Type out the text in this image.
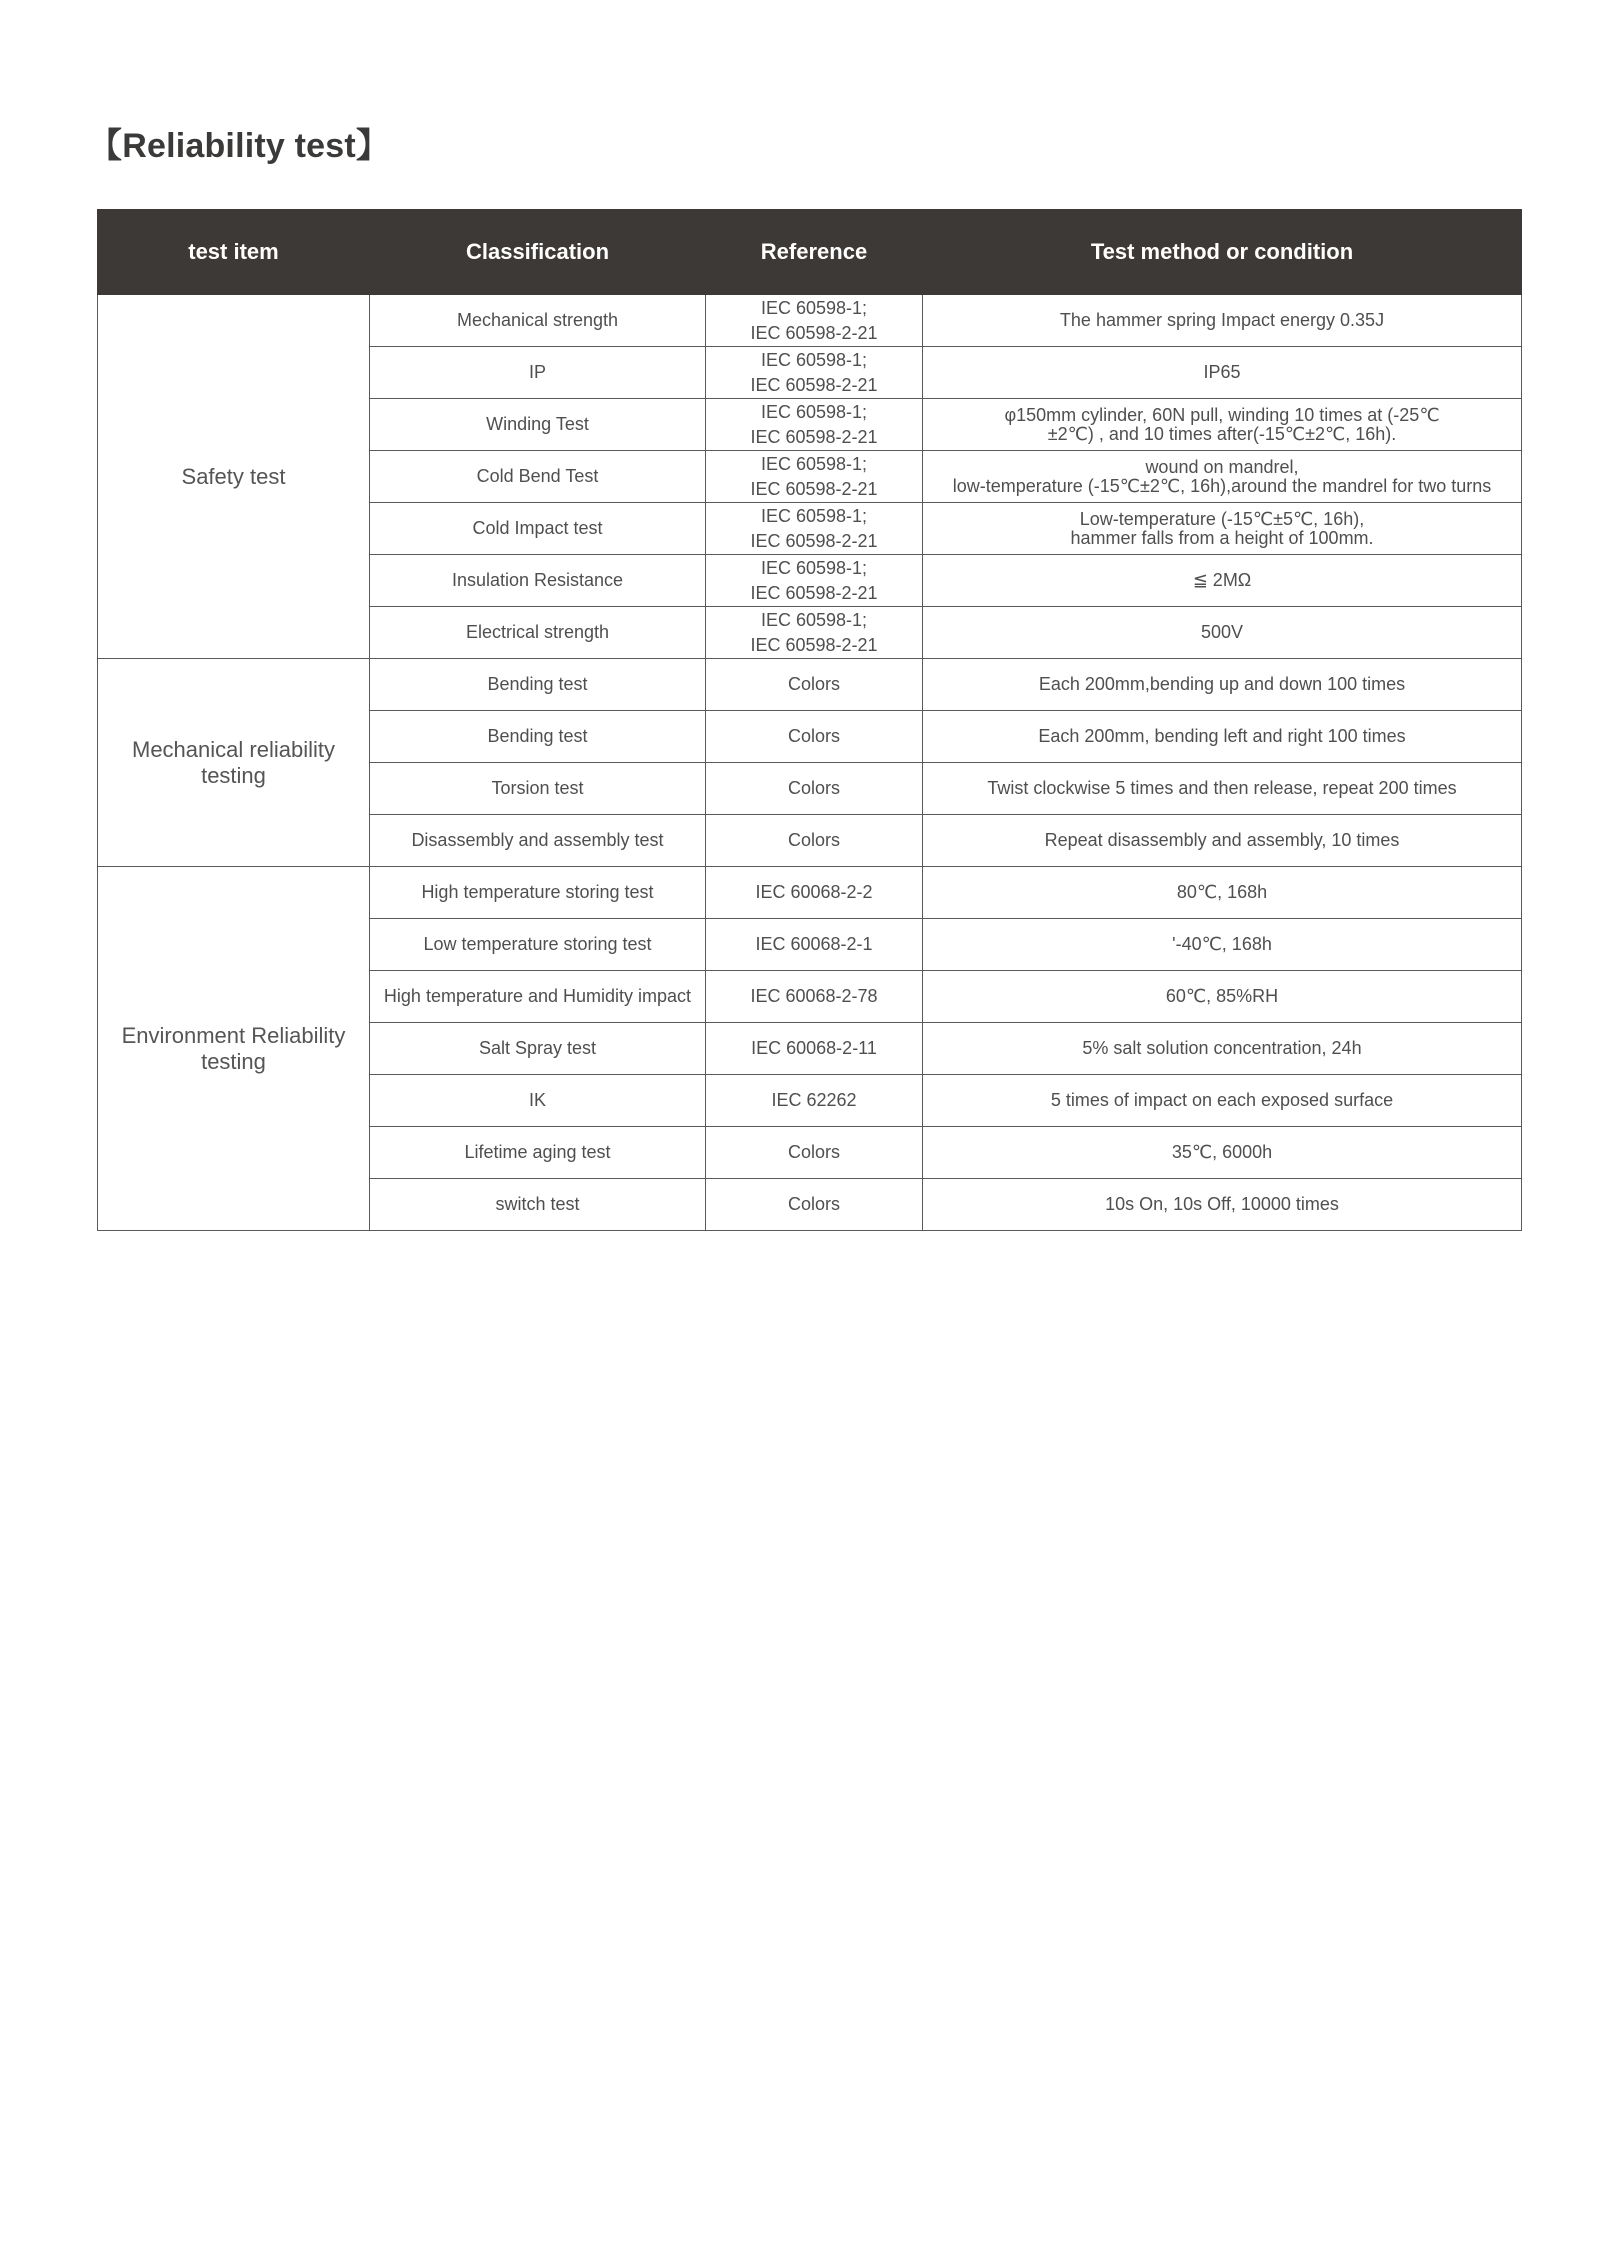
【Reliability test】
test item	Classification	Reference	Test method or condition
Safety test	Mechanical strength	IEC 60598-1;
IEC 60598-2-21	The hammer spring Impact energy 0.35J

	IP	IEC 60598-1;
IEC 60598-2-21	IP65

	Winding Test	IEC 60598-1;
IEC 60598-2-21	φ150mm cylinder, 60N pull, winding 10 times at (-25℃
±2℃) , and 10 times after(-15℃±2℃, 16h).

	Cold Bend Test	IEC 60598-1;
IEC 60598-2-21	wound on mandrel,
low-temperature (-15℃±2℃, 16h),around the mandrel for two turns

	Cold Impact test	IEC 60598-1;
IEC 60598-2-21	Low-temperature (-15℃±5℃, 16h),
hammer falls from a height of 100mm.

	Insulation Resistance	IEC 60598-1;
IEC 60598-2-21	≦ 2MΩ

	Electrical strength	IEC 60598-1;
IEC 60598-2-21	500V

Mechanical reliability testing	Bending test	Colors	Each 200mm,bending up and down 100 times

	Bending test	Colors	Each 200mm, bending left and right 100 times

	Torsion test	Colors	Twist clockwise 5 times and then release, repeat 200 times

	Disassembly and assembly test	Colors	Repeat disassembly and assembly, 10 times

Environment Reliability testing	High temperature storing test	IEC 60068-2-2	80℃, 168h

	Low temperature storing test	IEC 60068-2-1	'-40℃, 168h

	High temperature and Humidity impact	IEC 60068-2-78	60℃, 85%RH

	Salt Spray test	IEC 60068-2-11	5% salt solution concentration, 24h

	IK	IEC 62262	5 times of impact on each exposed surface

	Lifetime aging test	Colors	35℃, 6000h

	switch test	Colors	10s On, 10s Off, 10000 times
